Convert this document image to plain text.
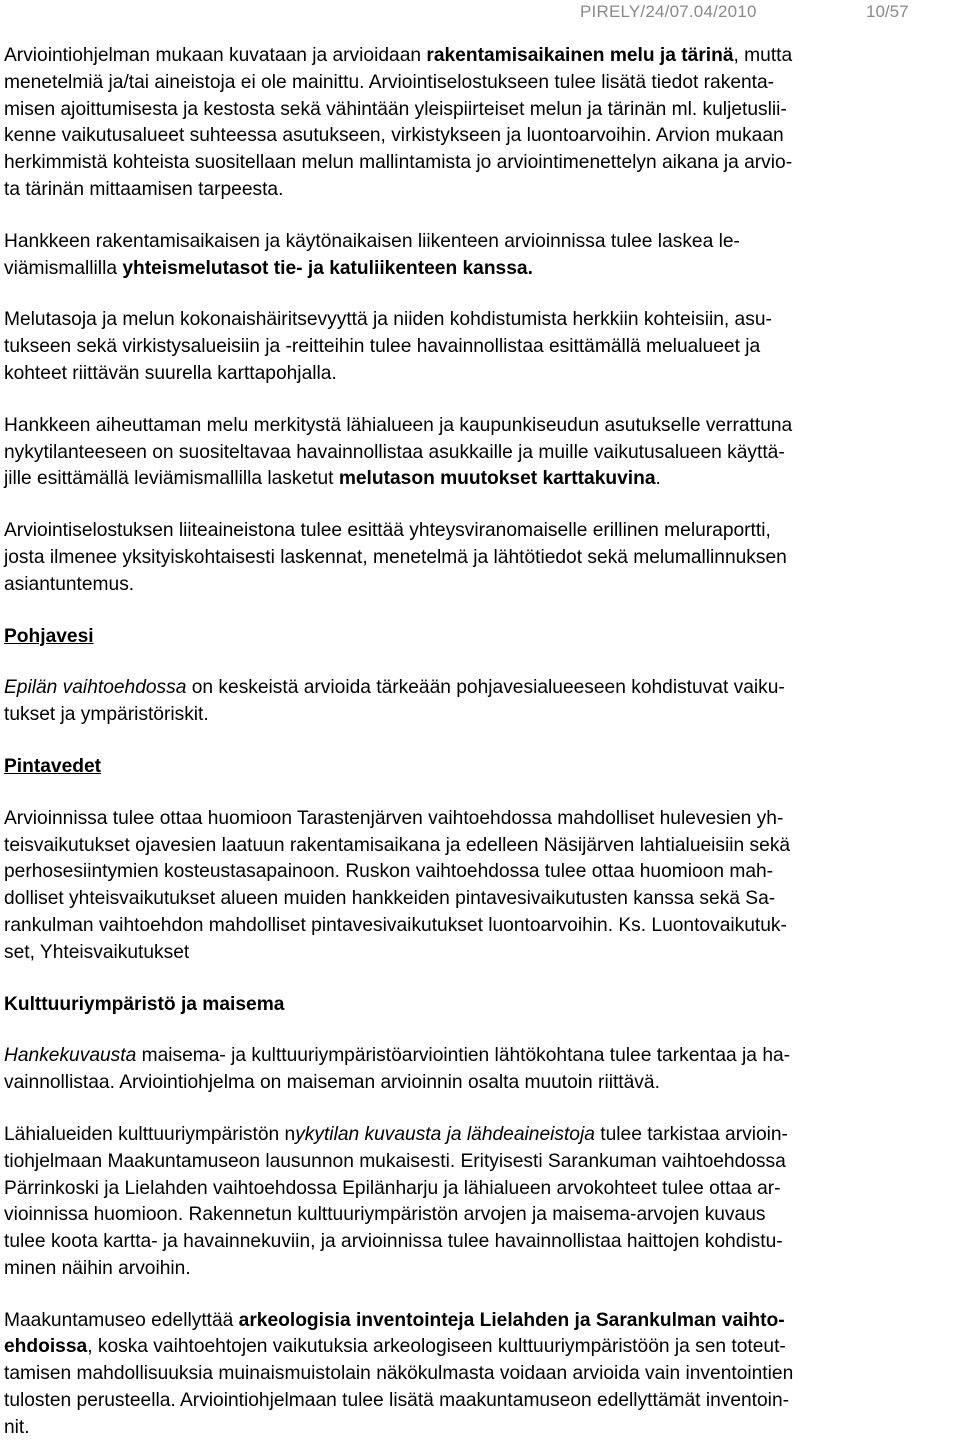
PIRELY/24/07.04/2010	10/57
Arviointiohjelman mukaan kuvataan ja arvioidaan rakentamisaikainen melu ja tärinä, mutta
menetelmiä ja/tai aineistoja ei ole mainittu. Arviointiselostukseen tulee lisätä tiedot rakenta-
misen ajoittumisesta ja kestosta sekä vähintään yleispiirteiset melun ja tärinän ml. kuljetuslii-
kenne vaikutusalueet suhteessa asutukseen, virkistykseen ja luontoarvoihin. Arvion mukaan
herkimmistä kohteista suositellaan melun mallintamista jo arviointimenettelyn aikana ja arvio-
ta tärinän mittaamisen tarpeesta.
Hankkeen rakentamisaikaisen ja käytönaikaisen liikenteen arvioinnissa tulee laskea le-
viämismallilla yhteismelutasot tie- ja katuliikenteen kanssa.
Melutasoja ja melun kokonaishäiritsevyyttä ja niiden kohdistumista herkkiin kohteisiin, asu-
tukseen sekä virkistysalueisiin ja -reitteihin tulee havainnollistaa esittämällä melualueet ja
kohteet riittävän suurella karttapohjalla.
Hankkeen aiheuttaman melu merkitystä lähialueen ja kaupunkiseudun asutukselle verrattuna
nykytilanteeseen on suositeltavaa havainnollistaa asukkaille ja muille vaikutusalueen käyttä-
jille esittämällä leviämismallilla lasketut melutason muutokset karttakuvina.
Arviointiselostuksen liiteaineistona tulee esittää yhteysviranomaiselle erillinen meluraportti,
josta ilmenee yksityiskohtaisesti laskennat, menetelmä ja lähtötiedot sekä melumallinnuksen
asiantuntemus.
Pohjavesi
Epilän vaihtoehdossa on keskeistä arvioida tärkeään pohjavesialueeseen kohdistuvat vaiku-
tukset ja ympäristöriskit.
Pintavedet
Arvioinnissa tulee ottaa huomioon Tarastenjärven vaihtoehdossa mahdolliset hulevesien yh-
teisvaikutukset ojavesien laatuun rakentamisaikana ja edelleen Näsijärven lahtialueisiin sekä
perhosesiintymien kosteustasapainoon. Ruskon vaihtoehdossa tulee ottaa huomioon mah-
dolliset yhteisvaikutukset alueen muiden hankkeiden pintavesivaikutusten kanssa sekä Sa-
rankulman vaihtoehdon mahdolliset pintavesivaikutukset luontoarvoihin. Ks. Luontovaikutuk-
set, Yhteisvaikutukset
Kulttuuriympäristö ja maisema
Hankekuvausta maisema- ja kulttuuriympäristöarviointien lähtökohtana tulee tarkentaa ja ha-
vainnollistaa. Arviointiohjelma on maiseman arvioinnin osalta muutoin riittävä.
Lähialueiden kulttuuriympäristön nykytilan kuvausta ja lähdeaineistoja tulee tarkistaa arvioin-
tiohjelmaan Maakuntamuseon lausunnon mukaisesti. Erityisesti Sarankuman vaihtoehdossa
Pärrinkoski ja Lielahden vaihtoehdossa Epilänharju ja lähialueen arvokohteet tulee ottaa ar-
vioinnissa huomioon. Rakennetun kulttuuriympäristön arvojen ja maisema-arvojen kuvaus
tulee koota kartta- ja havainnekuviin, ja arvioinnissa tulee havainnollistaa haittojen kohdistu-
minen näihin arvoihin.
Maakuntamuseo edellyttää arkeologisia inventointeja Lielahden ja Sarankulman vaihto-
ehdoissa, koska vaihtoehtojen vaikutuksia arkeologiseen kulttuuriympäristöön ja sen toteut-
tamisen mahdollisuuksia muinaismuistolain näkökulmasta voidaan arvioida vain inventointien
tulosten perusteella. Arviointiohjelmaan tulee lisätä maakuntamuseon edellyttämät inventoin-
nit.
